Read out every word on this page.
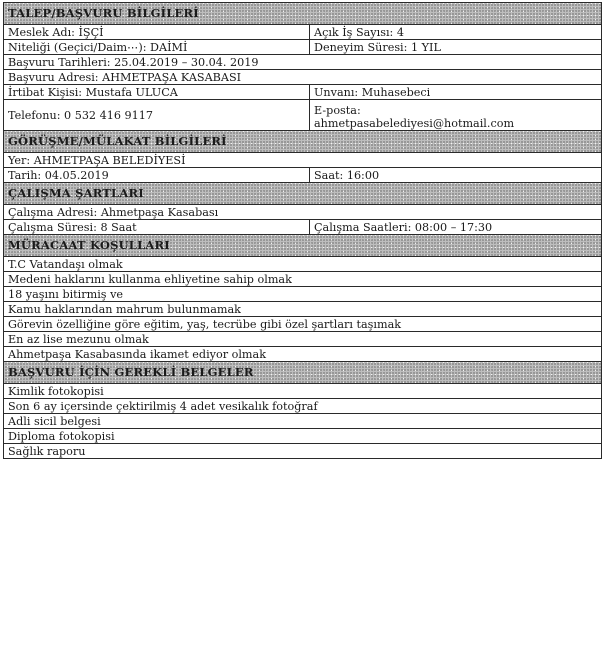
TALEP/BAŞVURU BİLGİLERİ	
Meslek Adı: İŞÇİ	Açık İş Sayısı: 4
Niteliği (Geçici/Daim⋯): DAİMİ	Deneyim Süresi: 1 YIL
Başvuru Tarihleri: 25.04.2019 – 30.04. 2019	
Başvuru Adresi: AHMETPAŞA KASABASI	
İrtibat Kişisi: Mustafa ULUCA	Unvanı: Muhasebeci
Telefonu: 0 532 416 9117	E-posta:
ahmetpasabelediyesi@hotmail.com

GÖRÜŞME/MÜLAKAT BİLGİLERİ	
Yer: AHMETPAŞA BELEDİYESİ	
Tarih: 04.05.2019	Saat: 16:00
ÇALIŞMA ŞARTLARI	
Çalışma Adresi: Ahmetpaşa Kasabası	
Çalışma Süresi: 8 Saat	Çalışma Saatleri: 08:00 – 17:30
MÜRACAAT KOŞULLARI	
T.C Vatandaşı olmak	
Medeni haklarını kullanma ehliyetine sahip olmak	
18 yaşını bitirmiş ve	
Kamu haklarından mahrum bulunmamak	
Görevin özelliğine göre eğitim, yaş, tecrübe gibi özel şartları taşımak	
En az lise mezunu olmak	
Ahmetpaşa Kasabasında ikamet ediyor olmak	
BAŞVURU İÇİN GEREKLİ BELGELER	
Kimlik fotokopisi	
Son 6 ay içersinde çektirilmiş 4 adet vesikalık fotoğraf	
Adli sicil belgesi	
Diploma fotokopisi	
Sağlık raporu	
